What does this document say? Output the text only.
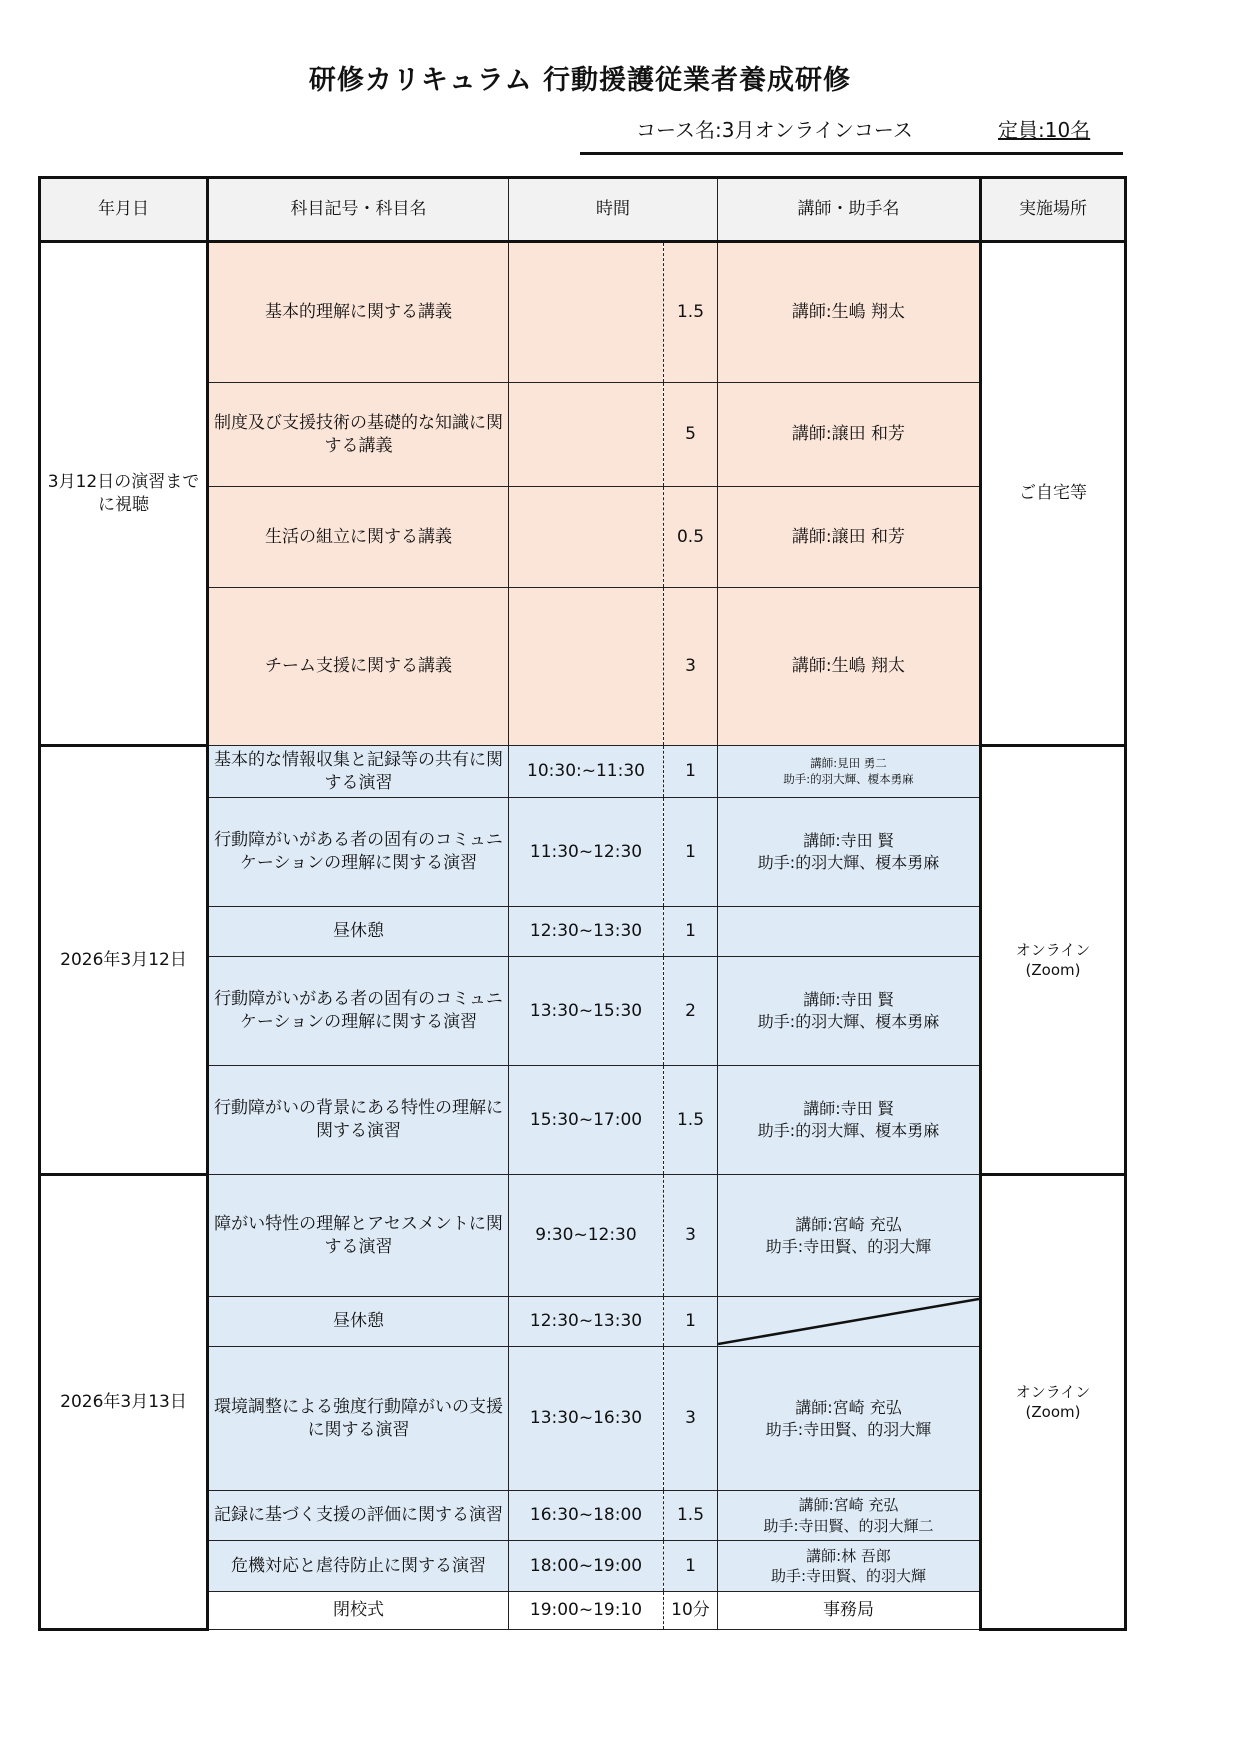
研修カリキュラム 行動援護従業者養成研修
コース名:3月オンラインコース	定員:10名
年月日	科目記号・科目名	時間		講師・助手名	実施場所
3月12日の演習までに視聴	基本的理解に関する講義		1.5	講師:生嶋 翔太	ご自宅等
	制度及び支援技術の基礎的な知識に関する講義		5	講師:譲田 和芳	
	生活の組立に関する講義		0.5	講師:譲田 和芳	
	チーム支援に関する講義		3	講師:生嶋 翔太	
2026年3月12日	基本的な情報収集と記録等の共有に関する演習	10:30:~11:30	1	講師:見田 勇二
助手:的羽大輝、榎本勇麻	オンライン
(Zoom)
	行動障がいがある者の固有のコミュニケーションの理解に関する演習	11:30~12:30	1	講師:寺田 賢
助手:的羽大輝、榎本勇麻	
	昼休憩	12:30~13:30	1		
	行動障がいがある者の固有のコミュニケーションの理解に関する演習	13:30~15:30	2	講師:寺田 賢
助手:的羽大輝、榎本勇麻	
	行動障がいの背景にある特性の理解に関する演習	15:30~17:00	1.5	講師:寺田 賢
助手:的羽大輝、榎本勇麻	
2026年3月13日	障がい特性の理解とアセスメントに関する演習	9:30~12:30	3	講師:宮崎 充弘
助手:寺田賢、的羽大輝	オンライン
(Zoom)
	昼休憩	12:30~13:30	1	

	環境調整による強度行動障がいの支援に関する演習	13:30~16:30	3	講師:宮崎 充弘
助手:寺田賢、的羽大輝	
	記録に基づく支援の評価に関する演習	16:30~18:00	1.5	講師:宮崎 充弘
助手:寺田賢、的羽大輝二	
	危機対応と虐待防止に関する演習	18:00~19:00	1	講師:林 吾郎
助手:寺田賢、的羽大輝	
	閉校式	19:00~19:10	10分	事務局	
